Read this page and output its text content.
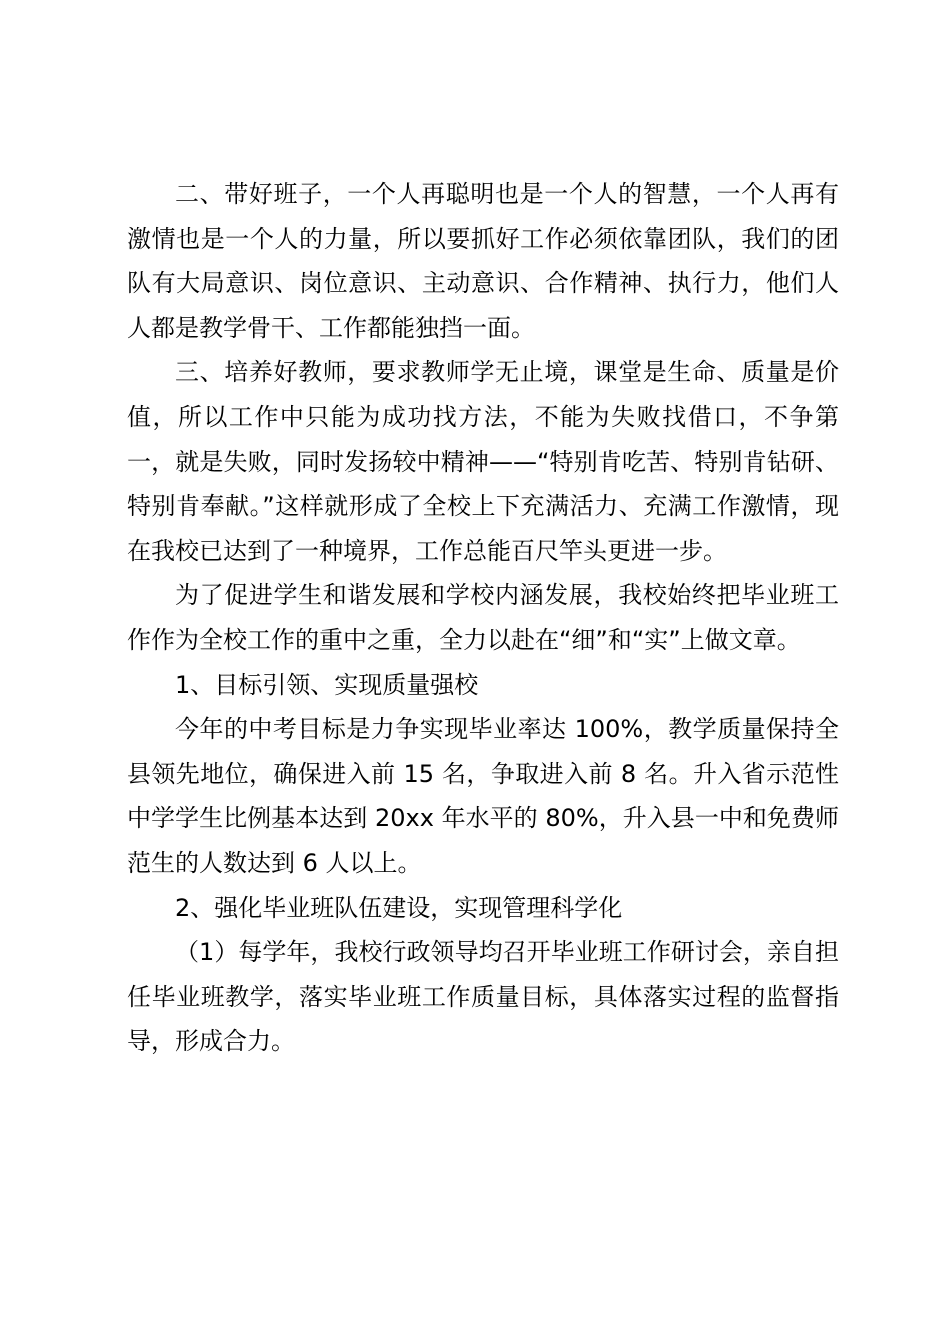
二、带好班子，一个人再聪明也是一个人的智慧，一个人再有激情也是一个人的力量，所以要抓好工作必须依靠团队，我们的团队有大局意识、岗位意识、主动意识、合作精神、执行力，他们人人都是教学骨干、工作都能独挡一面。

三、培养好教师，要求教师学无止境，课堂是生命、质量是价值，所以工作中只能为成功找方法，不能为失败找借口，不争第一，就是失败，同时发扬较中精神——“特别肯吃苦、特别肯钻研、特别肯奉献。”这样就形成了全校上下充满活力、充满工作激情，现在我校已达到了一种境界，工作总能百尺竿头更进一步。

为了促进学生和谐发展和学校内涵发展，我校始终把毕业班工作作为全校工作的重中之重，全力以赴在“细”和“实”上做文章。

1、目标引领、实现质量强校

今年的中考目标是力争实现毕业率达 100%，教学质量保持全县领先地位，确保进入前 15 名，争取进入前 8 名。升入省示范性中学学生比例基本达到 20xx 年水平的 80%，升入县一中和免费师范生的人数达到 6 人以上。

2、强化毕业班队伍建设，实现管理科学化

（1）每学年，我校行政领导均召开毕业班工作研讨会，亲自担任毕业班教学，落实毕业班工作质量目标，具体落实过程的监督指导，形成合力。
